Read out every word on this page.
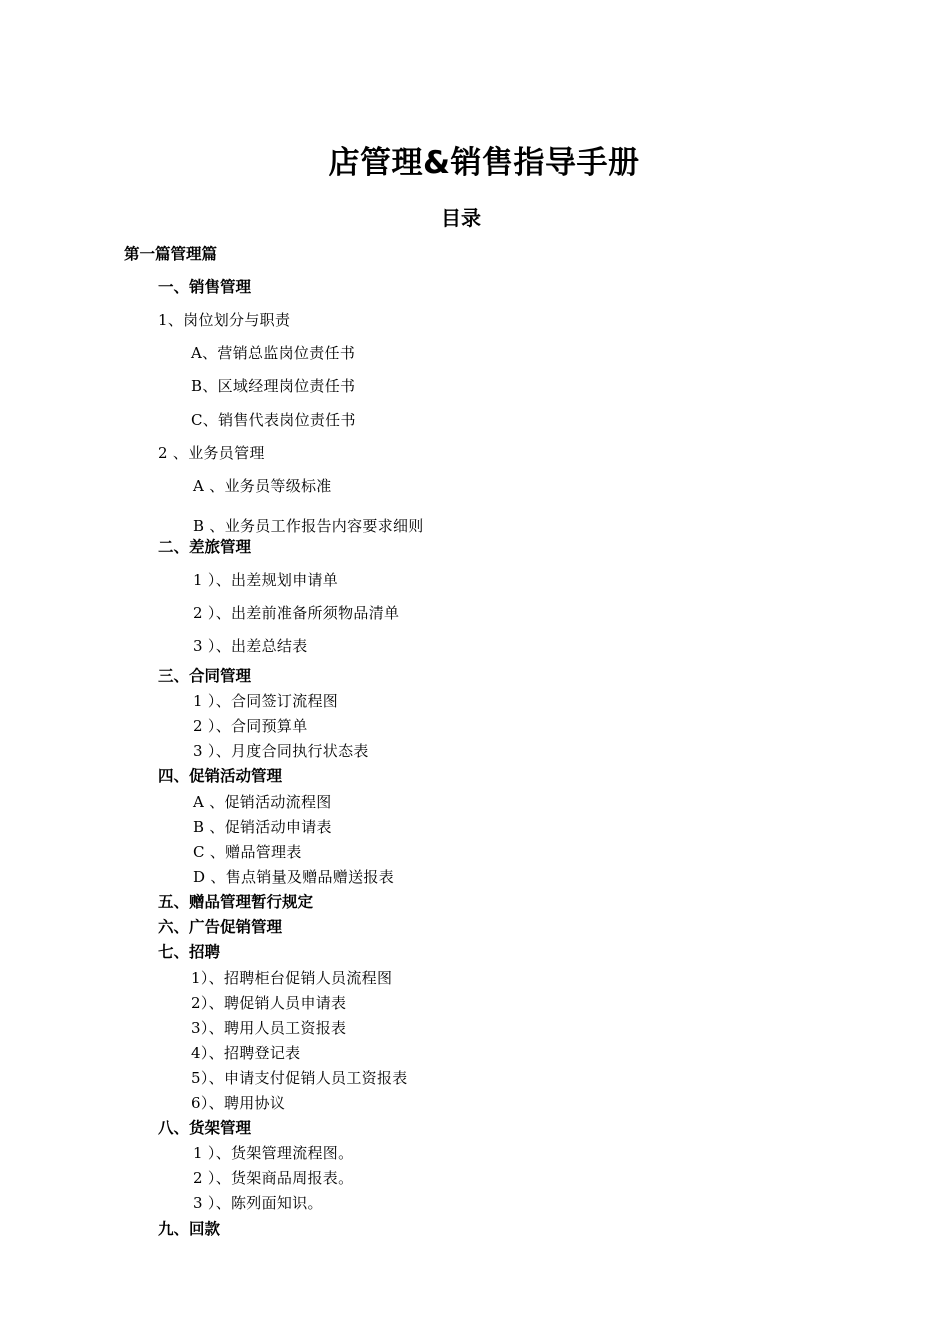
店管理&销售指导手册
目录
第一篇管理篇
一、销售管理
1、岗位划分与职责
A、营销总监岗位责任书
B、区域经理岗位责任书
C、销售代表岗位责任书
2 、业务员管理
A 、业务员等级标准
B 、业务员工作报告内容要求细则
二、差旅管理
1 ）、出差规划申请单
2 ）、出差前准备所须物品清单
3 ）、出差总结表
三、合同管理
1 ）、合同签订流程图
2 ）、合同预算单
3 ）、月度合同执行状态表
四、促销活动管理
A 、促销活动流程图
B 、促销活动申请表
C 、赠品管理表
D 、售点销量及赠品赠送报表
五、赠品管理暂行规定
六、广告促销管理
七、招聘
1）、招聘柜台促销人员流程图
2）、聘促销人员申请表
3）、聘用人员工资报表
4）、招聘登记表
5）、申请支付促销人员工资报表
6）、聘用协议
八、货架管理
1 ）、货架管理流程图。
2 ）、货架商品周报表。
3 ）、陈列面知识。
九、回款
